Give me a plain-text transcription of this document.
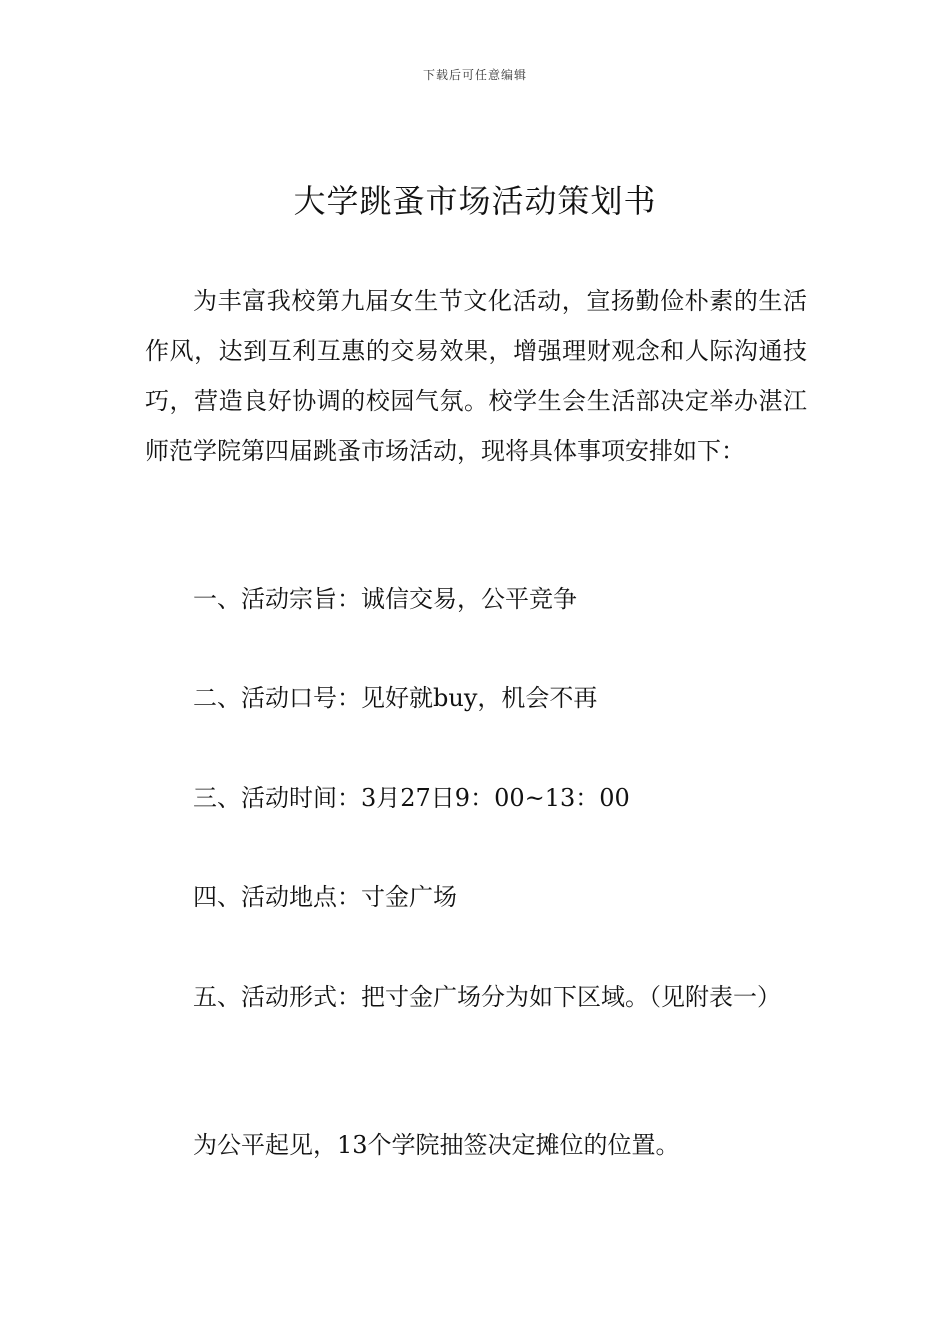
下载后可任意编辑
大学跳蚤市场活动策划书

为丰富我校第九届女生节文化活动，宣扬勤俭朴素的生活作风，达到互利互惠的交易效果，增强理财观念和人际沟通技巧，营造良好协调的校园气氛。校学生会生活部决定举办湛江师范学院第四届跳蚤市场活动，现将具体事项安排如下：

一、活动宗旨：诚信交易，公平竞争

二、活动口号：见好就buy，机会不再

三、活动时间：3月27日9：00~13：00

四、活动地点：寸金广场

五、活动形式：把寸金广场分为如下区域。（见附表一）

为公平起见，13个学院抽签决定摊位的位置。
